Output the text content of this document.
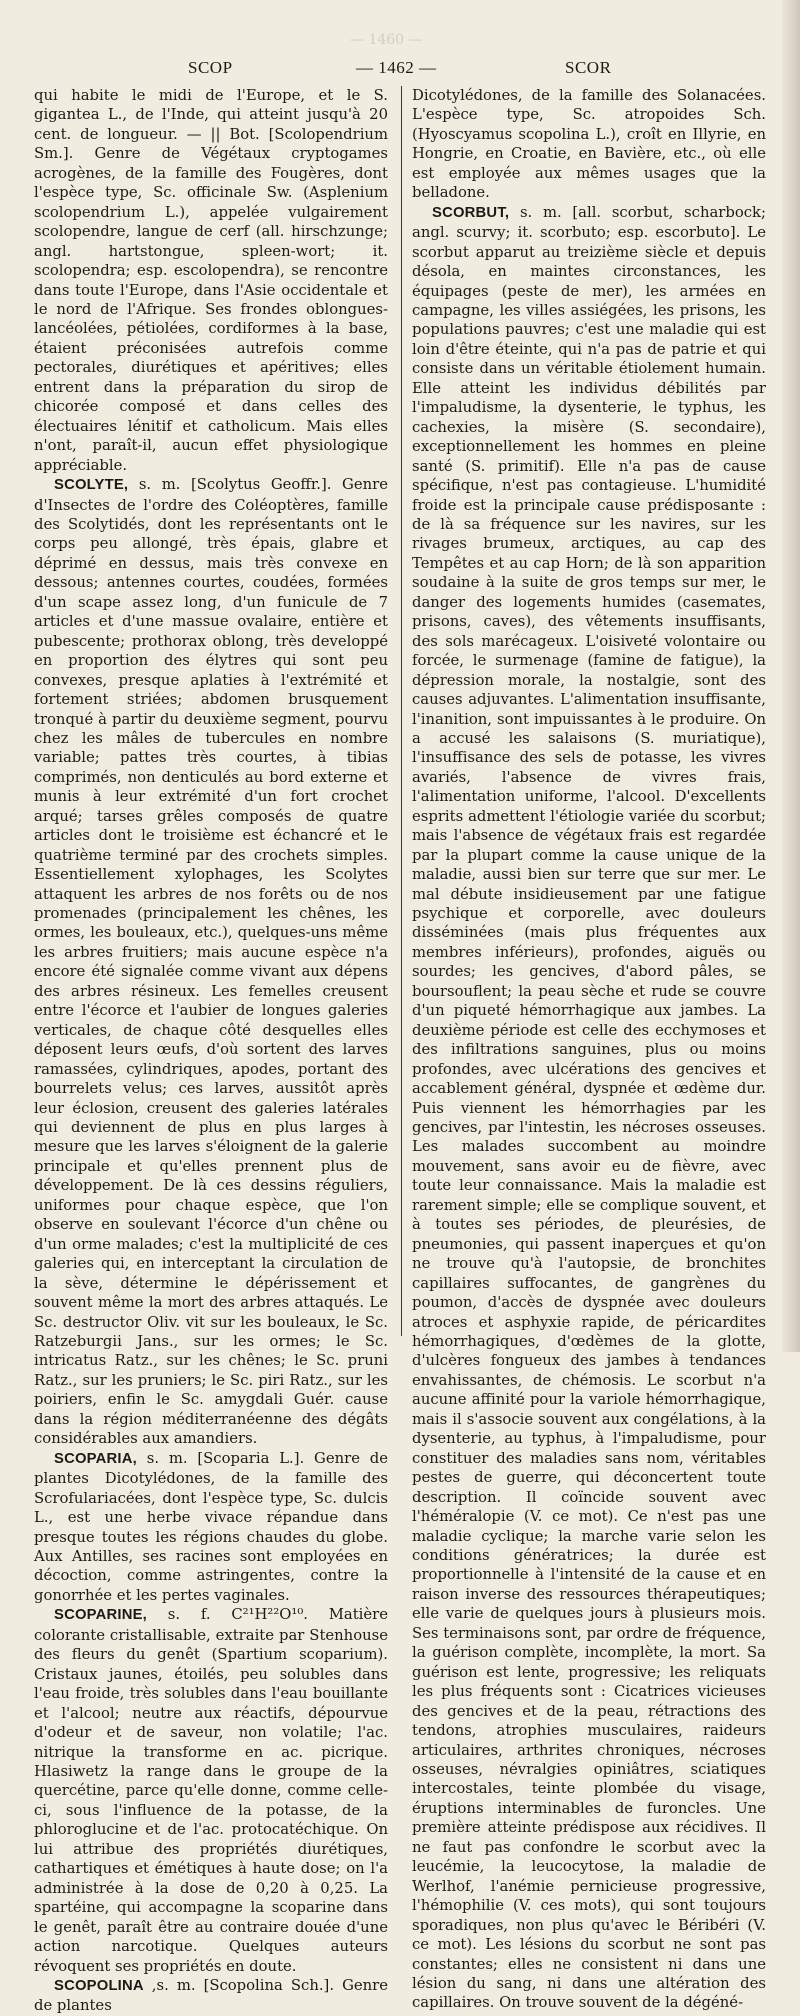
— 1460 —
SCOP	— 1462 —	SCOR

qui habite le midi de l'Europe, et le S. gigantea L., de l'Inde, qui atteint jusqu'à 20 cent. de longueur. — || Bot. [Scolopendrium Sm.]. Genre de Végétaux cryptogames acrogènes, de la famille des Fougères, dont l'espèce type, Sc. officinale Sw. (Asplenium scolopendrium L.), appelée vulgairement scolopendre, langue de cerf (all. hirschzunge; angl. hartstongue, spleen-wort; it. scolopendra; esp. escolopendra), se rencontre dans toute l'Europe, dans l'Asie occidentale et le nord de l'Afrique. Ses frondes oblongues-lancéolées, pétiolées, cordiformes à la base, étaient préconisées autrefois comme pectorales, diurétiques et apéritives; elles entrent dans la préparation du sirop de chicorée composé et dans celles des électuaires lénitif et catholicum. Mais elles n'ont, paraît-il, aucun effet physiologique appréciable.

SCOLYTE, s. m. [Scolytus Geoffr.]. Genre d'Insectes de l'ordre des Coléoptères, famille des Scolytidés, dont les représentants ont le corps peu allongé, très épais, glabre et déprimé en dessus, mais très convexe en dessous; antennes courtes, coudées, formées d'un scape assez long, d'un funicule de 7 articles et d'une massue ovalaire, entière et pubescente; prothorax oblong, très developpé en proportion des élytres qui sont peu convexes, presque aplaties à l'extrémité et fortement striées; abdomen brusquement tronqué à partir du deuxième segment, pourvu chez les mâles de tubercules en nombre variable; pattes très courtes, à tibias comprimés, non denticulés au bord externe et munis à leur extrémité d'un fort crochet arqué; tarses grêles composés de quatre articles dont le troisième est échancré et le quatrième terminé par des crochets simples. Essentiellement xylophages, les Scolytes attaquent les arbres de nos forêts ou de nos promenades (principalement les chênes, les ormes, les bouleaux, etc.), quelques-uns même les arbres fruitiers; mais aucune espèce n'a encore été signalée comme vivant aux dépens des arbres résineux. Les femelles creusent entre l'écorce et l'aubier de longues galeries verticales, de chaque côté desquelles elles déposent leurs œufs, d'où sortent des larves ramassées, cylindriques, apodes, portant des bourrelets velus; ces larves, aussitôt après leur éclosion, creusent des galeries latérales qui deviennent de plus en plus larges à mesure que les larves s'éloignent de la galerie principale et qu'elles prennent plus de développement. De là ces dessins réguliers, uniformes pour chaque espèce, que l'on observe en soulevant l'écorce d'un chêne ou d'un orme malades; c'est la multiplicité de ces galeries qui, en interceptant la circulation de la sève, détermine le dépérissement et souvent même la mort des arbres attaqués. Le Sc. destructor Oliv. vit sur les bouleaux, le Sc. Ratzeburgii Jans., sur les ormes; le Sc. intricatus Ratz., sur les chênes; le Sc. pruni Ratz., sur les pruniers; le Sc. piri Ratz., sur les poiriers, enfin le Sc. amygdali Guér. cause dans la région méditerranéenne des dégâts considérables aux amandiers.

SCOPARIA, s. m. [Scoparia L.]. Genre de plantes Dicotylédones, de la famille des Scrofulariacées, dont l'espèce type, Sc. dulcis L., est une herbe vivace répandue dans presque toutes les régions chaudes du globe. Aux Antilles, ses racines sont employées en décoction, comme astringentes, contre la gonorrhée et les pertes vaginales.

SCOPARINE, s. f. C²¹H²²O¹⁰. Matière colorante cristallisable, extraite par Stenhouse des fleurs du genêt (Spartium scoparium). Cristaux jaunes, étoilés, peu solubles dans l'eau froide, très solubles dans l'eau bouillante et l'alcool; neutre aux réactifs, dépourvue d'odeur et de saveur, non volatile; l'ac. nitrique la transforme en ac. picrique. Hlasiwetz la range dans le groupe de la quercétine, parce qu'elle donne, comme celle-ci, sous l'influence de la potasse, de la phloroglucine et de l'ac. protocatéchique. On lui attribue des propriétés diurétiques, cathartiques et émétiques à haute dose; on l'a administrée à la dose de 0,20 à 0,25. La spartéine, qui accompagne la scoparine dans le genêt, paraît être au contraire douée d'une action narcotique. Quelques auteurs révoquent ses propriétés en doute.

SCOPOLINA ,s. m. [Scopolina Sch.]. Genre de plantes

Dicotylédones, de la famille des Solanacées. L'espèce type, Sc. atropoides Sch. (Hyoscyamus scopolina L.), croît en Illyrie, en Hongrie, en Croatie, en Bavière, etc., où elle est employée aux mêmes usages que la belladone.

SCORBUT, s. m. [all. scorbut, scharbock; angl. scurvy; it. scorbuto; esp. escorbuto]. Le scorbut apparut au treizième siècle et depuis désola, en maintes circonstances, les équipages (peste de mer), les armées en campagne, les villes assiégées, les prisons, les populations pauvres; c'est une maladie qui est loin d'être éteinte, qui n'a pas de patrie et qui consiste dans un véritable étiolement humain. Elle atteint les individus débilités par l'impaludisme, la dysenterie, le typhus, les cachexies, la misère (S. secondaire), exceptionnellement les hommes en pleine santé (S. primitif). Elle n'a pas de cause spécifique, n'est pas contagieuse. L'humidité froide est la principale cause prédisposante : de là sa fréquence sur les navires, sur les rivages brumeux, arctiques, au cap des Tempêtes et au cap Horn; de là son apparition soudaine à la suite de gros temps sur mer, le danger des logements humides (casemates, prisons, caves), des vêtements insuffisants, des sols marécageux. L'oisiveté volontaire ou forcée, le surmenage (famine de fatigue), la dépression morale, la nostalgie, sont des causes adjuvantes. L'alimentation insuffisante, l'inanition, sont impuissantes à le produire. On a accusé les salaisons (S. muriatique), l'insuffisance des sels de potasse, les vivres avariés, l'absence de vivres frais, l'alimentation uniforme, l'alcool. D'excellents esprits admettent l'étiologie variée du scorbut; mais l'absence de végétaux frais est regardée par la plupart comme la cause unique de la maladie, aussi bien sur terre que sur mer. Le mal débute insidieusement par une fatigue psychique et corporelle, avec douleurs disséminées (mais plus fréquentes aux membres inférieurs), profondes, aiguës ou sourdes; les gencives, d'abord pâles, se boursouflent; la peau sèche et rude se couvre d'un piqueté hémorrhagique aux jambes. La deuxième période est celle des ecchymoses et des infiltrations sanguines, plus ou moins profondes, avec ulcérations des gencives et accablement général, dyspnée et œdème dur. Puis viennent les hémorrhagies par les gencives, par l'intestin, les nécroses osseuses. Les malades succombent au moindre mouvement, sans avoir eu de fièvre, avec toute leur connaissance. Mais la maladie est rarement simple; elle se complique souvent, et à toutes ses périodes, de pleurésies, de pneumonies, qui passent inaperçues et qu'on ne trouve qu'à l'autopsie, de bronchites capillaires suffocantes, de gangrènes du poumon, d'accès de dyspnée avec douleurs atroces et asphyxie rapide, de péricardites hémorrhagiques, d'œdèmes de la glotte, d'ulcères fongueux des jambes à tendances envahissantes, de chémosis. Le scorbut n'a aucune affinité pour la variole hémorrhagique, mais il s'associe souvent aux congélations, à la dysenterie, au typhus, à l'impaludisme, pour constituer des maladies sans nom, véritables pestes de guerre, qui déconcertent toute description. Il coïncide souvent avec l'héméralopie (V. ce mot). Ce n'est pas une maladie cyclique; la marche varie selon les conditions génératrices; la durée est proportionnelle à l'intensité de la cause et en raison inverse des ressources thérapeutiques; elle varie de quelques jours à plusieurs mois. Ses terminaisons sont, par ordre de fréquence, la guérison complète, incomplète, la mort. Sa guérison est lente, progressive; les reliquats les plus fréquents sont : Cicatrices vicieuses des gencives et de la peau, rétractions des tendons, atrophies musculaires, raideurs articulaires, arthrites chroniques, nécroses osseuses, névralgies opiniâtres, sciatiques intercostales, teinte plombée du visage, éruptions interminables de furoncles. Une première atteinte prédispose aux récidives. Il ne faut pas confondre le scorbut avec la leucémie, la leucocytose, la maladie de Werlhof, l'anémie pernicieuse progressive, l'hémophilie (V. ces mots), qui sont toujours sporadiques, non plus qu'avec le Béribéri (V. ce mot). Les lésions du scorbut ne sont pas constantes; elles ne consistent ni dans une lésion du sang, ni dans une altération des capillaires. On trouve souvent de la dégéné-
